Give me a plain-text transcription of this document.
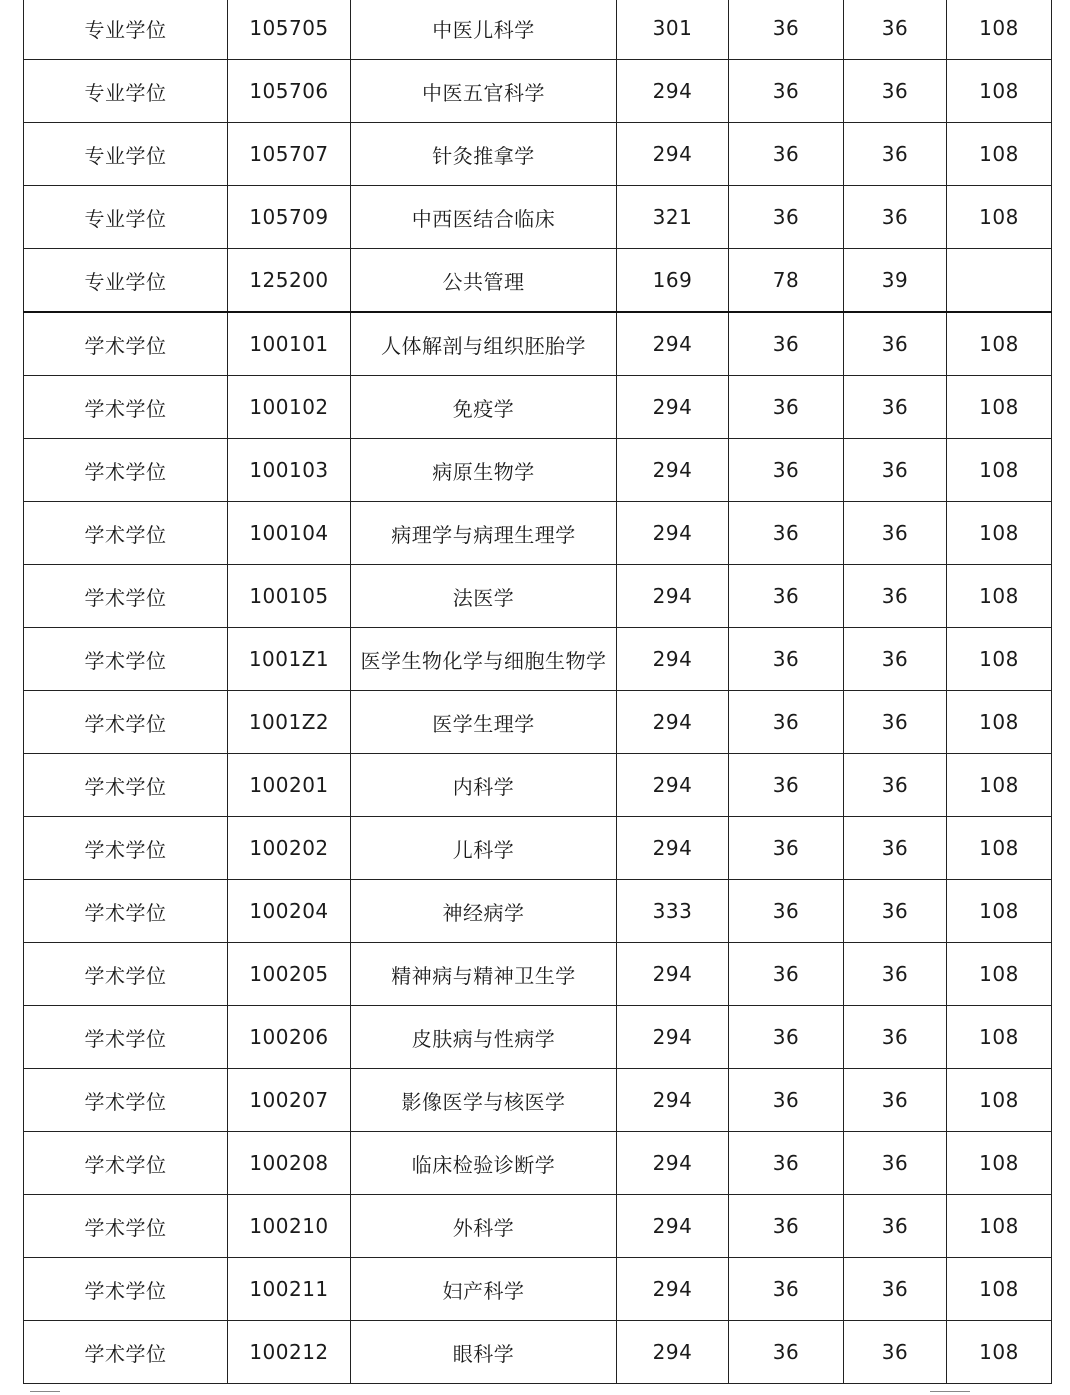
专业学位	105705	中医儿科学	301	36	36	108
专业学位	105706	中医五官科学	294	36	36	108
专业学位	105707	针灸推拿学	294	36	36	108
专业学位	105709	中西医结合临床	321	36	36	108
专业学位	125200	公共管理	169	78	39	
学术学位	100101	人体解剖与组织胚胎学	294	36	36	108
学术学位	100102	免疫学	294	36	36	108
学术学位	100103	病原生物学	294	36	36	108
学术学位	100104	病理学与病理生理学	294	36	36	108
学术学位	100105	法医学	294	36	36	108
学术学位	1001Z1	医学生物化学与细胞生物学	294	36	36	108
学术学位	1001Z2	医学生理学	294	36	36	108
学术学位	100201	内科学	294	36	36	108
学术学位	100202	儿科学	294	36	36	108
学术学位	100204	神经病学	333	36	36	108
学术学位	100205	精神病与精神卫生学	294	36	36	108
学术学位	100206	皮肤病与性病学	294	36	36	108
学术学位	100207	影像医学与核医学	294	36	36	108
学术学位	100208	临床检验诊断学	294	36	36	108
学术学位	100210	外科学	294	36	36	108
学术学位	100211	妇产科学	294	36	36	108
学术学位	100212	眼科学	294	36	36	108
